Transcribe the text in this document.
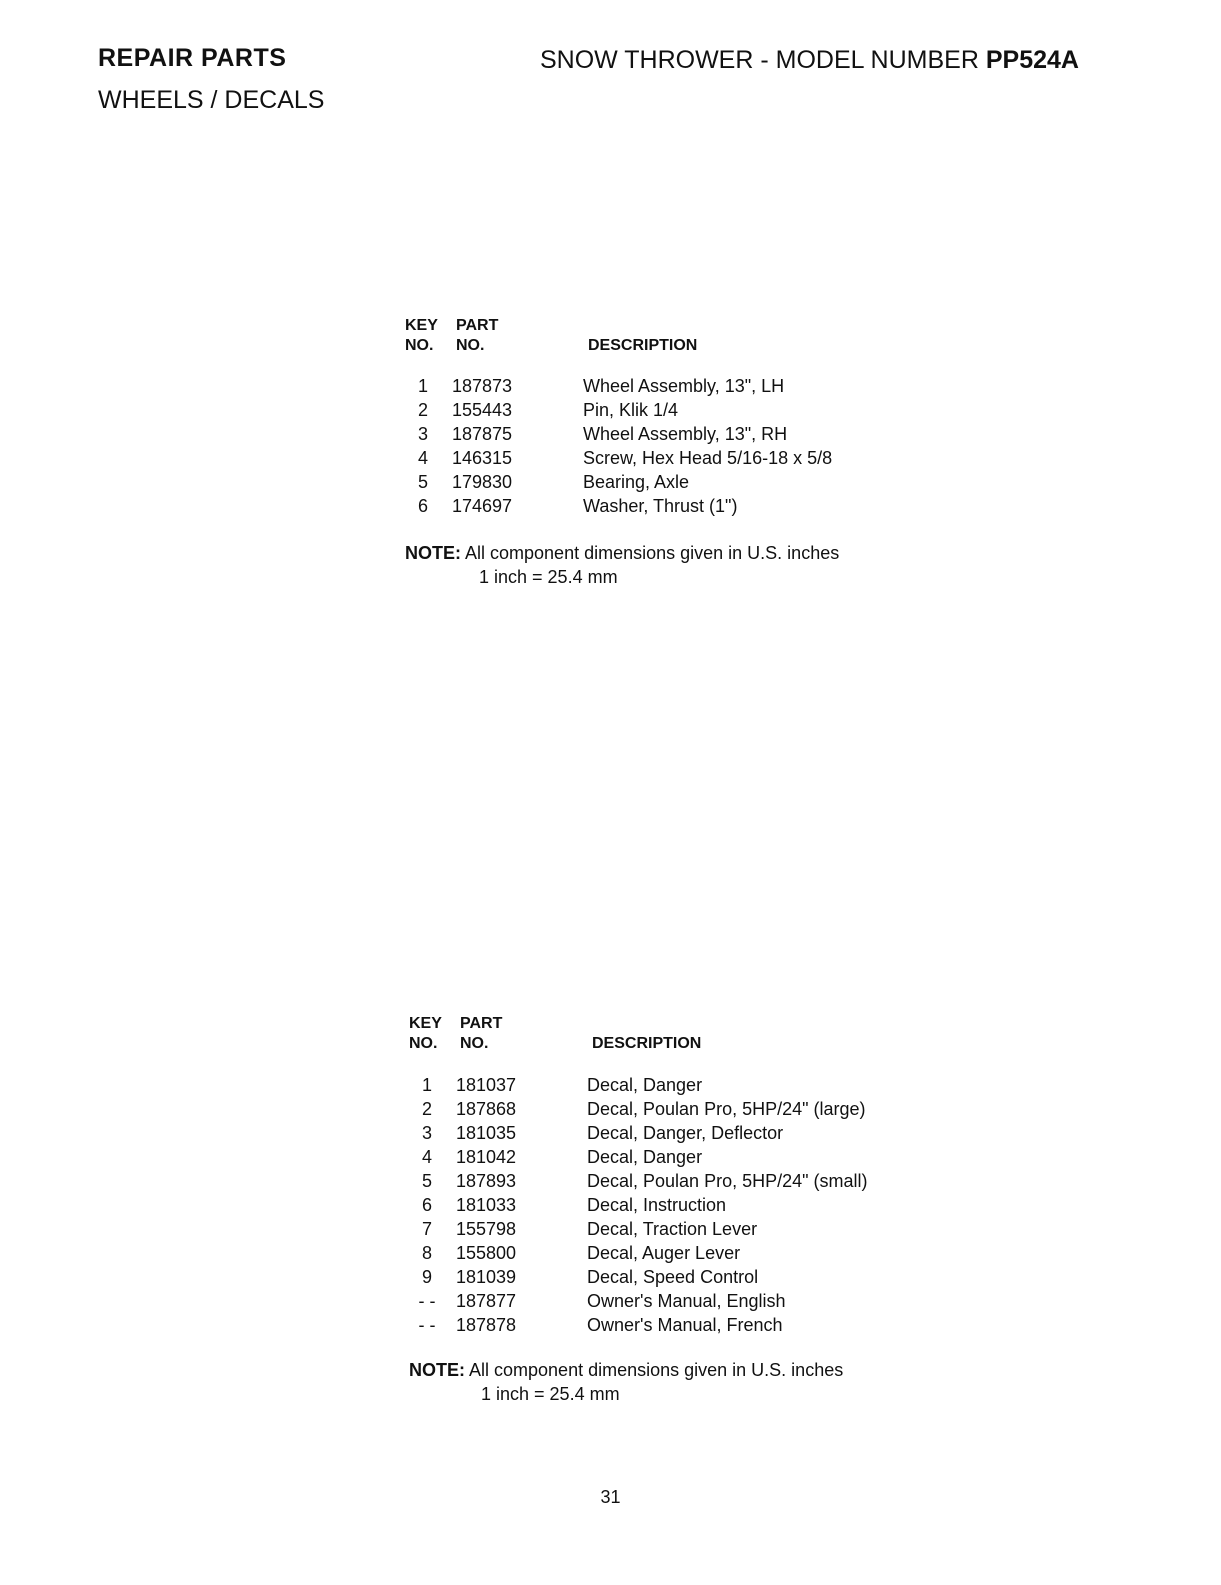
REPAIR PARTS
WHEELS / DECALS
SNOW THROWER - MODEL NUMBER PP524A
KEY
NO.
PART
NO.	DESCRIPTION
1	187873	Wheel Assembly, 13", LH
2	155443	Pin, Klik 1/4
3	187875	Wheel Assembly, 13", RH
4	146315	Screw, Hex Head 5/16-18 x 5/8
5	179830	Bearing, Axle
6	174697	Washer, Thrust (1")
NOTE: All component dimensions given in U.S. inches
1 inch = 25.4 mm
KEY
NO.
PART
NO.	DESCRIPTION
1	181037	Decal, Danger
2	187868	Decal, Poulan Pro, 5HP/24" (large)
3	181035	Decal, Danger, Deflector
4	181042	Decal, Danger
5	187893	Decal, Poulan Pro, 5HP/24" (small)
6	181033	Decal, Instruction
7	155798	Decal, Traction Lever
8	155800	Decal, Auger Lever
9	181039	Decal, Speed Control
- -	187877	Owner's Manual, English
- -	187878	Owner's Manual, French
NOTE: All component dimensions given in U.S. inches
1 inch = 25.4 mm
31
